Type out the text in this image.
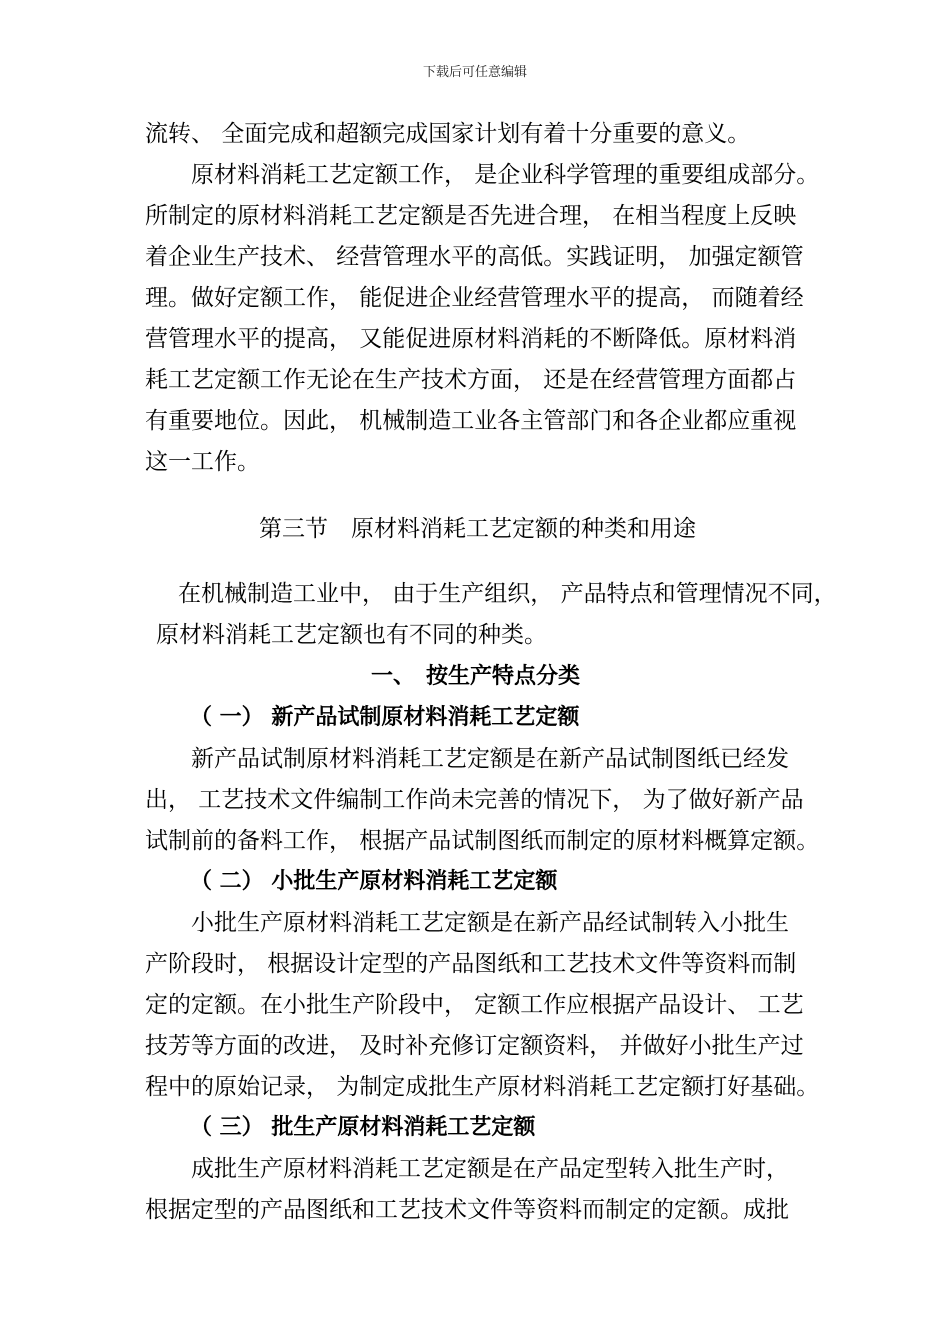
下载后可任意编辑
流转、 全面完成和超额完成国家计划有着十分重要的意义。
原材料消耗工艺定额工作， 是企业科学管理的重要组成部分。
所制定的原材料消耗工艺定额是否先进合理， 在相当程度上反映
着企业生产技术、 经营管理水平的高低。实践证明， 加强定额管
理。做好定额工作， 能促进企业经营管理水平的提高， 而随着经
营管理水平的提高， 又能促进原材料消耗的不断降低。原材料消
耗工艺定额工作无论在生产技术方面， 还是在经营管理方面都占
有重要地位。因此， 机械制造工业各主管部门和各企业都应重视
这一工作。
第三节　原材料消耗工艺定额的种类和用途
在机械制造工业中， 由于生产组织， 产品特点和管理情况不同，
原材料消耗工艺定额也有不同的种类。
一、　按生产特点分类
（ 一） 新产品试制原材料消耗工艺定额
新产品试制原材料消耗工艺定额是在新产品试制图纸已经发
出， 工艺技术文件编制工作尚未完善的情况下， 为了做好新产品
试制前的备料工作， 根据产品试制图纸而制定的原材料概算定额。
（ 二） 小批生产原材料消耗工艺定额
小批生产原材料消耗工艺定额是在新产品经试制转入小批生
产阶段时， 根据设计定型的产品图纸和工艺技术文件等资料而制
定的定额。在小批生产阶段中， 定额工作应根据产品设计、 工艺
技芳等方面的改进， 及时补充修订定额资料， 并做好小批生产过
程中的原始记录， 为制定成批生产原材料消耗工艺定额打好基础。
（ 三） 批生产原材料消耗工艺定额
成批生产原材料消耗工艺定额是在产品定型转入批生产时，
根据定型的产品图纸和工艺技术文件等资料而制定的定额。成批
